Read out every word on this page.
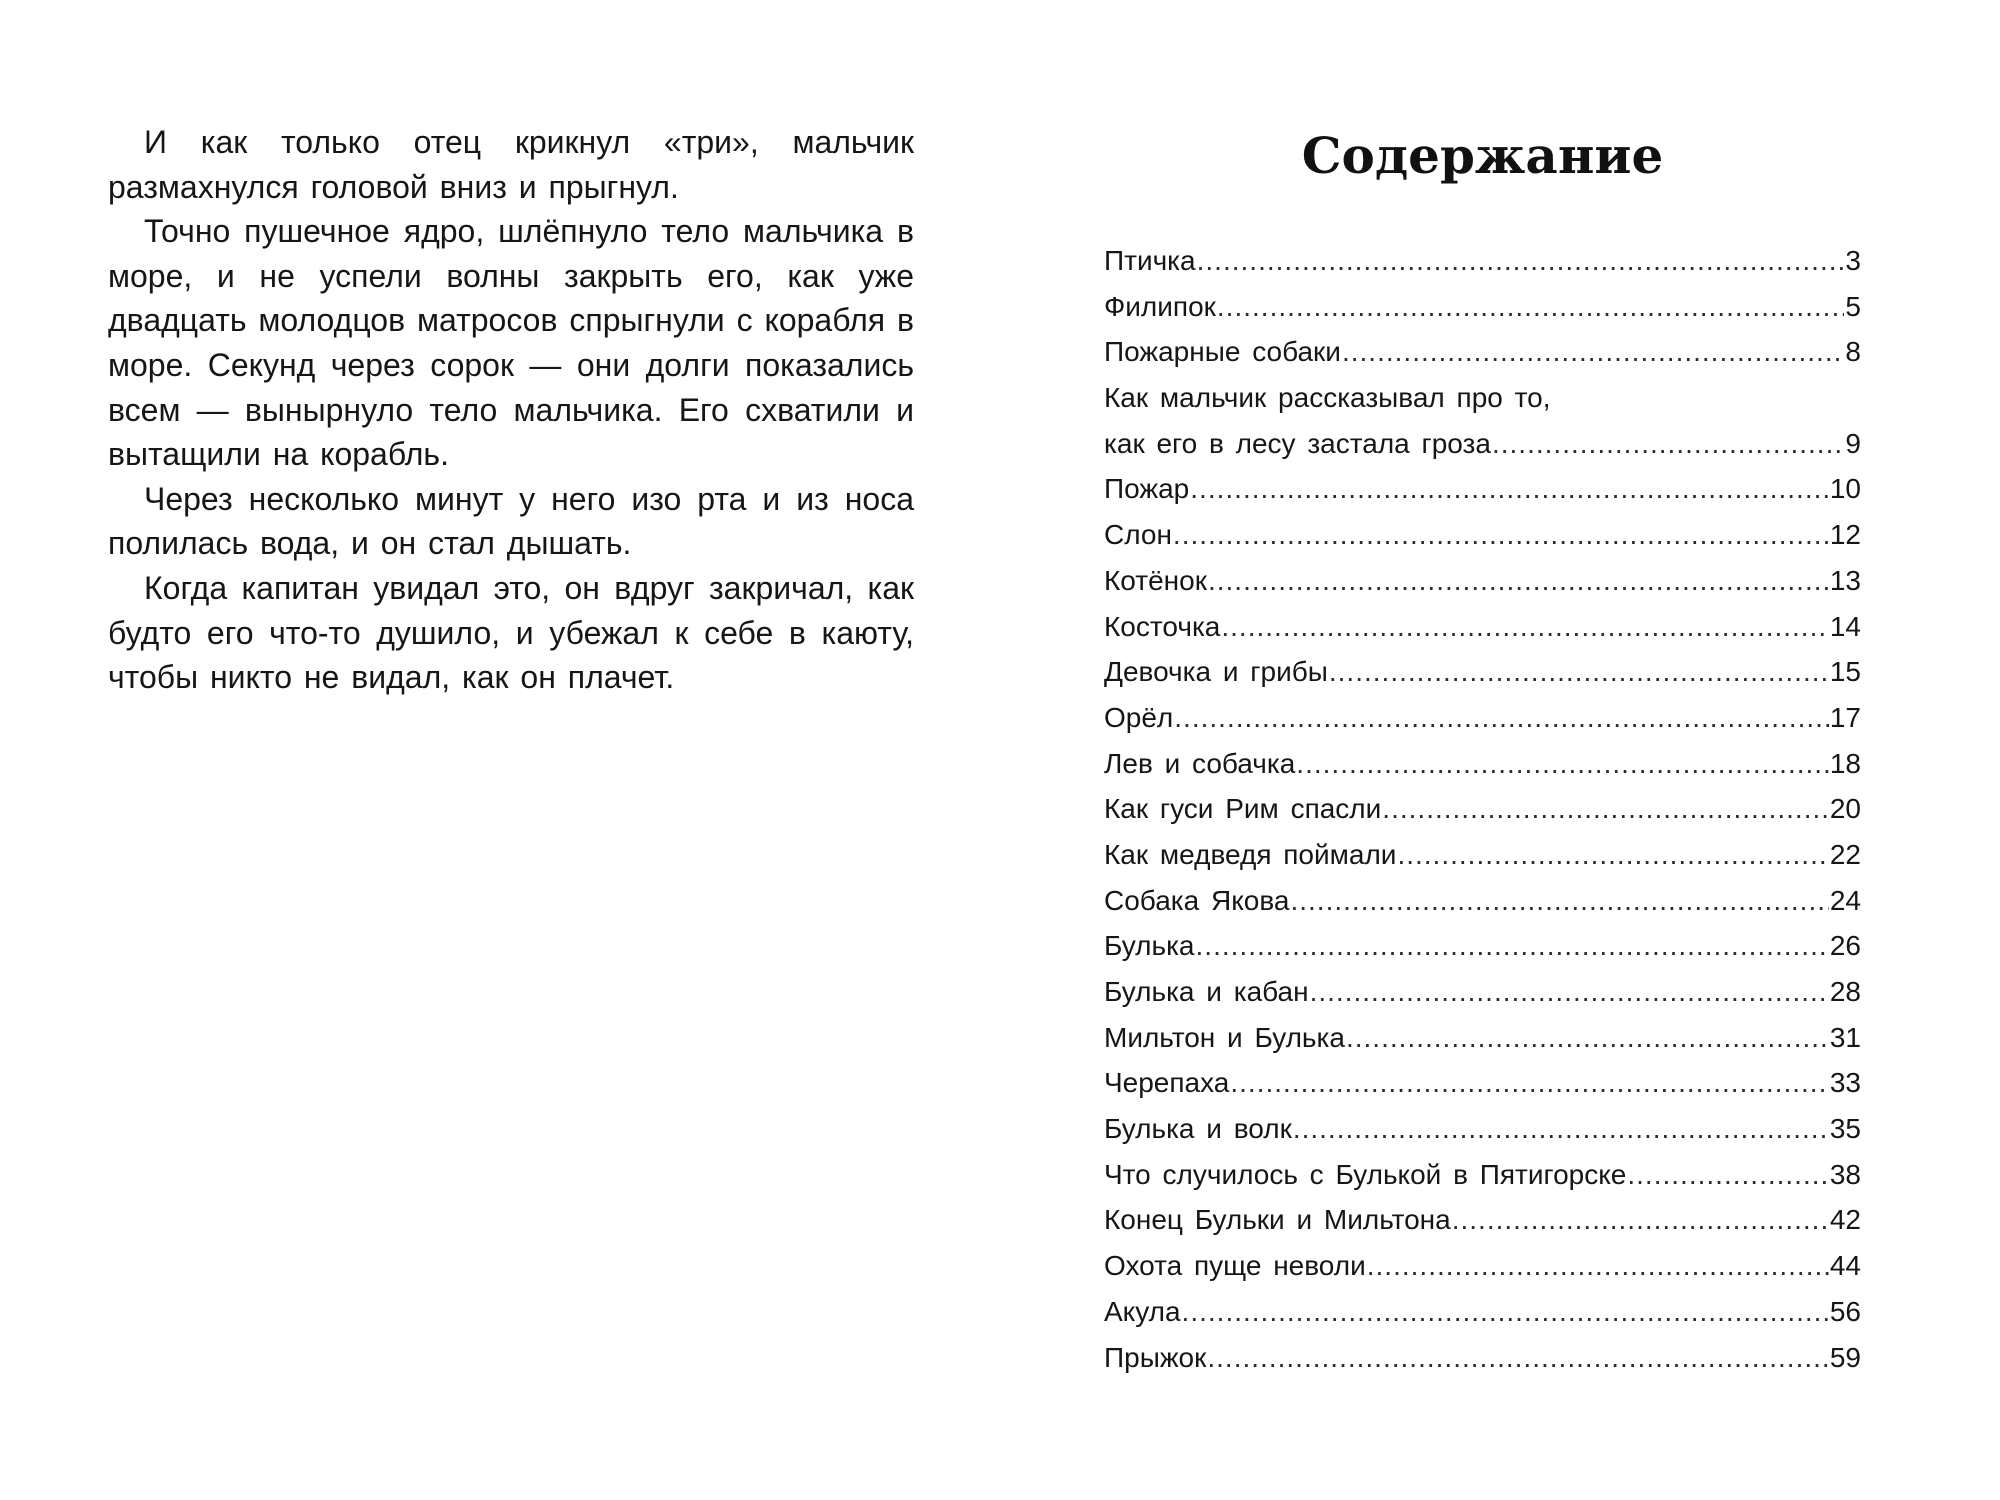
И как только отец крикнул «три», мальчик размахнулся головой вниз и прыгнул.

Точно пушечное ядро, шлёпнуло тело мальчика в море, и не успели волны закрыть его, как уже двадцать молодцов матросов спрыгнули с корабля в море. Секунд через сорок — они долги показались всем — вынырнуло тело мальчика. Его схватили и вытащили на корабль.

Через несколько минут у него изо рта и из носа полилась вода, и он стал дышать.

Когда капитан увидал это, он вдруг закричал, как будто его что-то душило, и убежал к себе в каюту, чтобы никто не видал, как он плачет.

Содержание
Птичка .....	3
Филипок .....	5
Пожарные собаки .....	8
Как мальчик рассказывал про то,
как его в лесу застала гроза .....	9
Пожар .....	10
Слон .....	12
Котёнок .....	13
Косточка .....	14
Девочка и грибы .....	15
Орёл .....	17
Лев и собачка .....	18
Как гуси Рим спасли .....	20
Как медведя поймали .....	22
Собака Якова .....	24
Булька .....	26
Булька и кабан .....	28
Мильтон и Булька .....	31
Черепаха .....	33
Булька и волк .....	35
Что случилось с Булькой в Пятигорске .....	38
Конец Бульки и Мильтона .....	42
Охота пуще неволи .....	44
Акула .....	56
Прыжок .....	59
